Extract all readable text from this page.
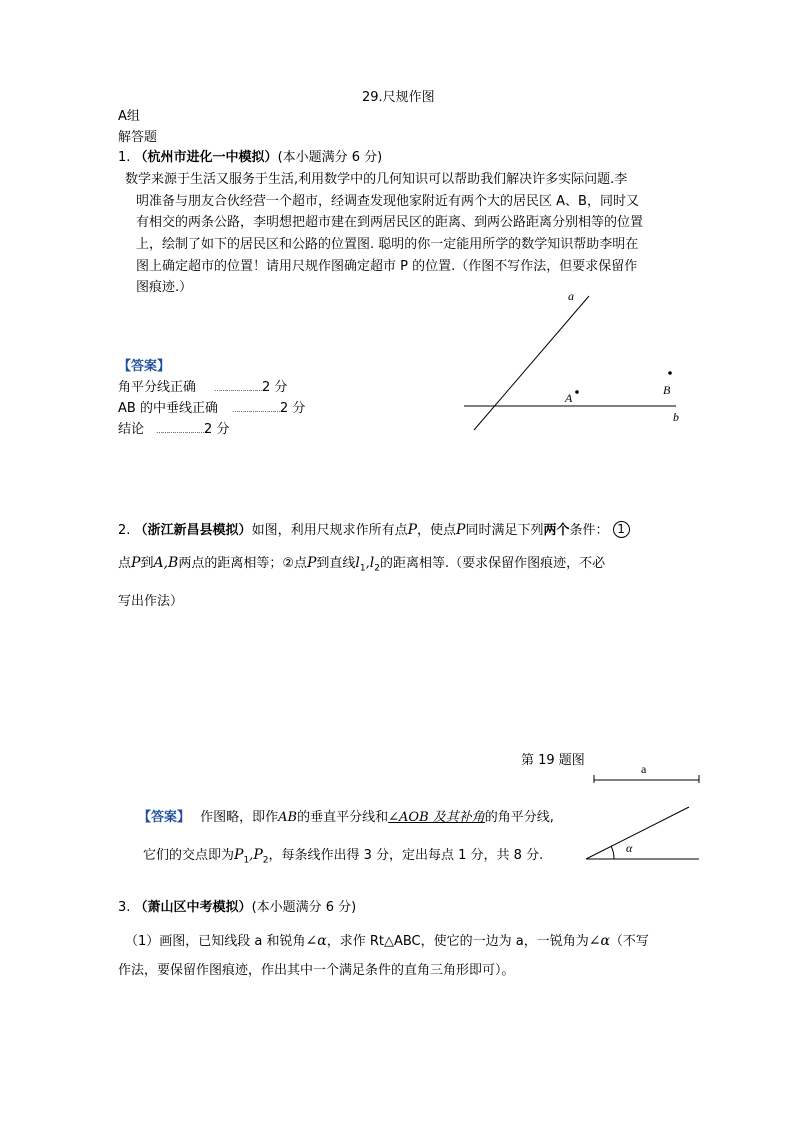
29.尺规作图
A组
解答题
1. （杭州市进化一中模拟）(本小题满分 6 分)
数学来源于生活又服务于生活,利用数学中的几何知识可以帮助我们解决许多实际问题.李
明准备与朋友合伙经营一个超市，经调查发现他家附近有两个大的居民区 A、B，同时又
有相交的两条公路，李明想把超市建在到两居民区的距离、到两公路距离分别相等的位置
上，绘制了如下的居民区和公路的位置图. 聪明的你一定能用所学的数学知识帮助李明在
图上确定超市的位置！请用尺规作图确定超市 P 的位置.（作图不写作法，但要求保留作
图痕迹.）
【答案】
角平分线正确	……………………2 分
AB 的中垂线正确 ……………………2 分
结论 ……………………2 分
a
b
A
B
2. （浙江新昌县模拟）如图，利用尺规求作所有点P，使点P同时满足下列两个条件： 1
点P到A,B两点的距离相等；②点P到直线$l_1,l_2$的距离相等.（要求保留作图痕迹，不必
写出作法）
第 19 题图
【答案】 作图略，即作AB的垂直平分线和∠AOB 及其补角的角平分线,
它们的交点即为$P_1,P_2$，每条线作出得 3 分，定出每点 1 分，共 8 分.
a
α
3. （萧山区中考模拟）(本小题满分 6 分)
（1）画图，已知线段 a 和锐角∠α，求作 Rt△ABC，使它的一边为 a，一锐角为∠α（不写
作法，要保留作图痕迹，作出其中一个满足条件的直角三角形即可）。
